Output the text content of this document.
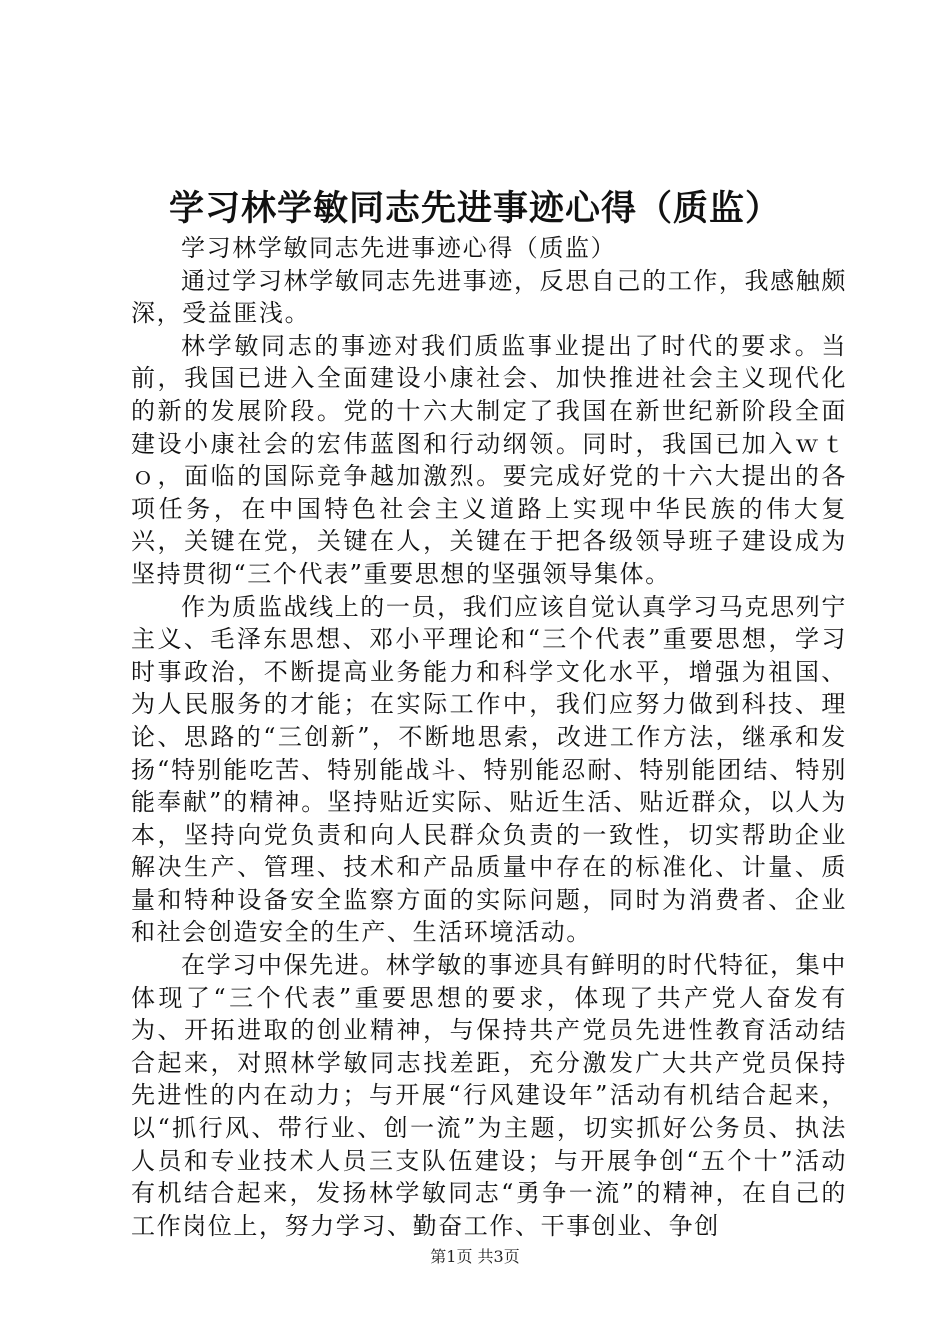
学习林学敏同志先进事迹心得（质监）

学习林学敏同志先进事迹心得（质监）

通过学习林学敏同志先进事迹，反思自己的工作，我感触颇深，受益匪浅。

林学敏同志的事迹对我们质监事业提出了时代的要求。当前，我国已进入全面建设小康社会、加快推进社会主义现代化的新的发展阶段。党的十六大制定了我国在新世纪新阶段全面建设小康社会的宏伟蓝图和行动纲领。同时，我国已加入ｗｔｏ，面临的国际竞争越加激烈。要完成好党的十六大提出的各项任务，在中国特色社会主义道路上实现中华民族的伟大复兴，关键在党，关键在人，关键在于把各级领导班子建设成为坚持贯彻“三个代表”重要思想的坚强领导集体。

作为质监战线上的一员，我们应该自觉认真学习马克思列宁主义、毛泽东思想、邓小平理论和“三个代表”重要思想，学习时事政治，不断提高业务能力和科学文化水平，增强为祖国、为人民服务的才能；在实际工作中，我们应努力做到科技、理论、思路的“三创新”，不断地思索，改进工作方法，继承和发扬“特别能吃苦、特别能战斗、特别能忍耐、特别能团结、特别能奉献”的精神。坚持贴近实际、贴近生活、贴近群众，以人为本，坚持向党负责和向人民群众负责的一致性，切实帮助企业解决生产、管理、技术和产品质量中存在的标准化、计量、质量和特种设备安全监察方面的实际问题，同时为消费者、企业和社会创造安全的生产、生活环境活动。

在学习中保先进。林学敏的事迹具有鲜明的时代特征，集中体现了“三个代表”重要思想的要求，体现了共产党人奋发有为、开拓进取的创业精神，与保持共产党员先进性教育活动结合起来，对照林学敏同志找差距，充分激发广大共产党员保持先进性的内在动力；与开展“行风建设年”活动有机结合起来，以“抓行风、带行业、创一流”为主题，切实抓好公务员、执法人员和专业技术人员三支队伍建设；与开展争创“五个十”活动有机结合起来，发扬林学敏同志“勇争一流”的精神，在自己的工作岗位上，努力学习、勤奋工作、干事创业、争创

第1页 共3页
